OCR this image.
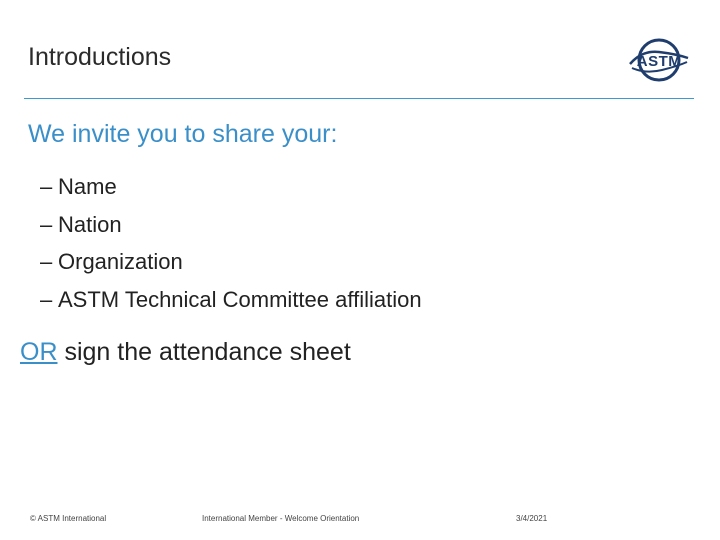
Introductions	ASTM
We invite you to share your:
– Name
– Nation
– Organization
– ASTM Technical Committee affiliation
OR sign the attendance sheet
© ASTM International	International Member - Welcome Orientation	3/4/2021
